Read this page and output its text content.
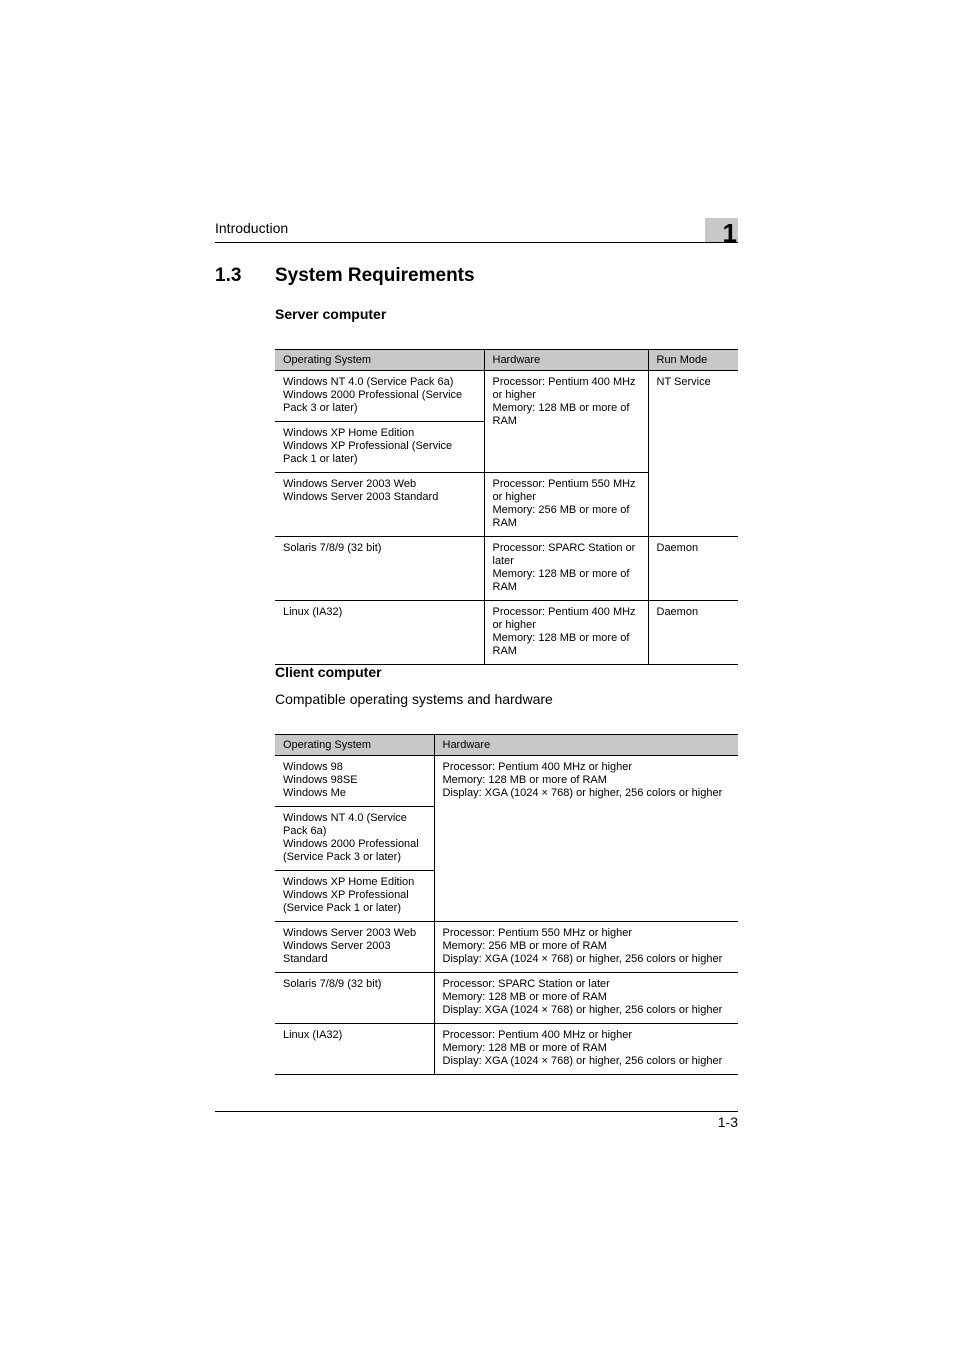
Introduction	1
1.3 System Requirements
Server computer
Operating System	Hardware	Run Mode

Windows NT 4.0 (Service Pack 6a)
Windows 2000 Professional (Service
Pack 3 or later)	Processor: Pentium 400 MHz
or higher
Memory: 128 MB or more of
RAM	NT Service

Windows XP Home Edition
Windows XP Professional (Service
Pack 1 or later)		

Windows Server 2003 Web
Windows Server 2003 Standard	Processor: Pentium 550 MHz
or higher
Memory: 256 MB or more of
RAM	

Solaris 7/8/9 (32 bit)	Processor: SPARC Station or
later
Memory: 128 MB or more of
RAM	Daemon

Linux (IA32)	Processor: Pentium 400 MHz
or higher
Memory: 128 MB or more of
RAM	Daemon
Client computer
Compatible operating systems and hardware
Operating System	Hardware

Windows 98
Windows 98SE
Windows Me	Processor: Pentium 400 MHz or higher
Memory: 128 MB or more of RAM
Display: XGA (1024 × 768) or higher, 256 colors or higher

Windows NT 4.0 (Service
Pack 6a)
Windows 2000 Professional
(Service Pack 3 or later)	

Windows XP Home Edition
Windows XP Professional
(Service Pack 1 or later)	

Windows Server 2003 Web
Windows Server 2003
Standard	Processor: Pentium 550 MHz or higher
Memory: 256 MB or more of RAM
Display: XGA (1024 × 768) or higher, 256 colors or higher

Solaris 7/8/9 (32 bit)	Processor: SPARC Station or later
Memory: 128 MB or more of RAM
Display: XGA (1024 × 768) or higher, 256 colors or higher

Linux (IA32)	Processor: Pentium 400 MHz or higher
Memory: 128 MB or more of RAM
Display: XGA (1024 × 768) or higher, 256 colors or higher
1-3
